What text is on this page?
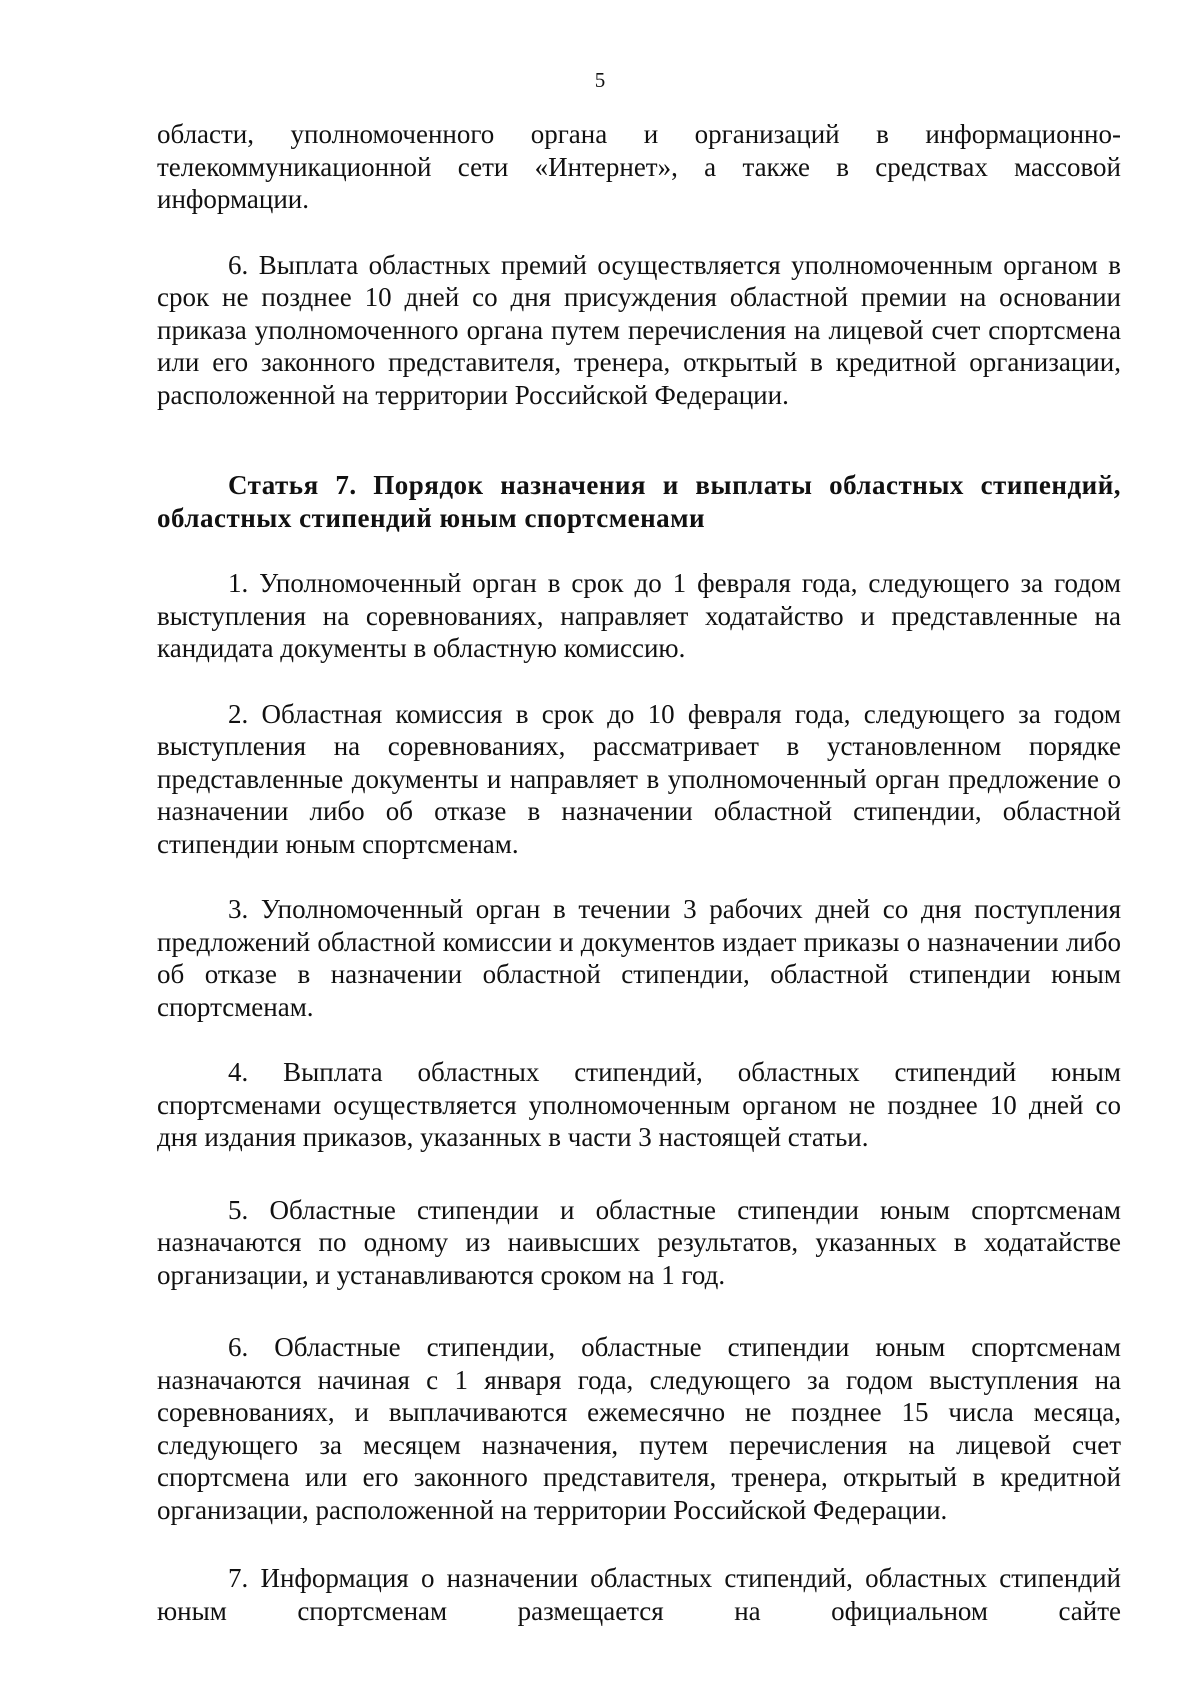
5

области, уполномоченного органа и организаций в информационно-телекоммуникационной сети «Интернет», а также в средствах массовой информации.

6. Выплата областных премий осуществляется уполномоченным органом в срок не позднее 10 дней со дня присуждения областной премии на основании приказа уполномоченного органа путем перечисления на лицевой счет спортсмена или его законного представителя, тренера, открытый в кредитной организации, расположенной на территории Российской Федерации.

Статья 7. Порядок назначения и выплаты областных стипендий, областных стипендий юным спортсменами

1. Уполномоченный орган в срок до 1 февраля года, следующего за годом выступления на соревнованиях, направляет ходатайство и представленные на кандидата документы в областную комиссию.

2. Областная комиссия в срок до 10 февраля года, следующего за годом выступления на соревнованиях, рассматривает в установленном порядке представленные документы и направляет в уполномоченный орган предложение о назначении либо об отказе в назначении областной стипендии, областной стипендии юным спортсменам.

3. Уполномоченный орган в течении 3 рабочих дней со дня поступления предложений областной комиссии и документов издает приказы о назначении либо об отказе в назначении областной стипендии, областной стипендии юным спортсменам.

4. Выплата областных стипендий, областных стипендий юным спортсменами осуществляется уполномоченным органом не позднее 10 дней со дня издания приказов, указанных в части 3 настоящей статьи.

5. Областные стипендии и областные стипендии юным спортсменам назначаются по одному из наивысших результатов, указанных в ходатайстве организации, и устанавливаются сроком на 1 год.

6. Областные стипендии, областные стипендии юным спортсменам назначаются начиная с 1 января года, следующего за годом выступления на соревнованиях, и выплачиваются ежемесячно не позднее 15 числа месяца, следующего за месяцем назначения, путем перечисления на лицевой счет спортсмена или его законного представителя, тренера, открытый в кредитной организации, расположенной на территории Российской Федерации.

7. Информация о назначении областных стипендий, областных стипендий юным спортсменам размещается на официальном сайте
